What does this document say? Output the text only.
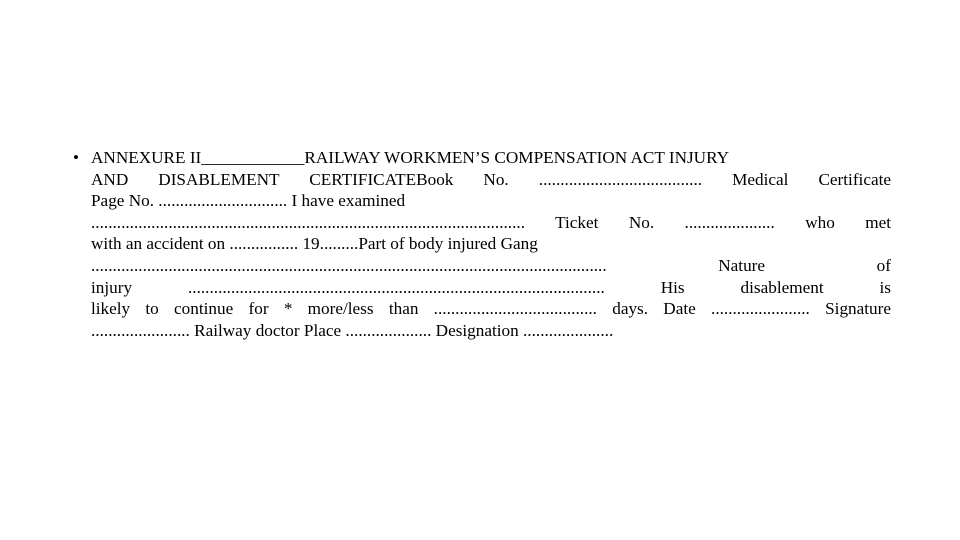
• ANNEXURE II____________RAILWAY WORKMEN’S COMPENSATION ACT INJURY
AND DISABLEMENT CERTIFICATEBook No. ...................................... Medical Certificate
Page No. .............................. I have examined
..................................................................................................... Ticket No. ..................... who met
with an accident on ................ 19.........Part of body injured Gang
........................................................................................................................ Nature of
injury ................................................................................................. His disablement is
likely to continue for * more/less than ...................................... days. Date ....................... Signature
....................... Railway doctor Place .................... Designation .....................
